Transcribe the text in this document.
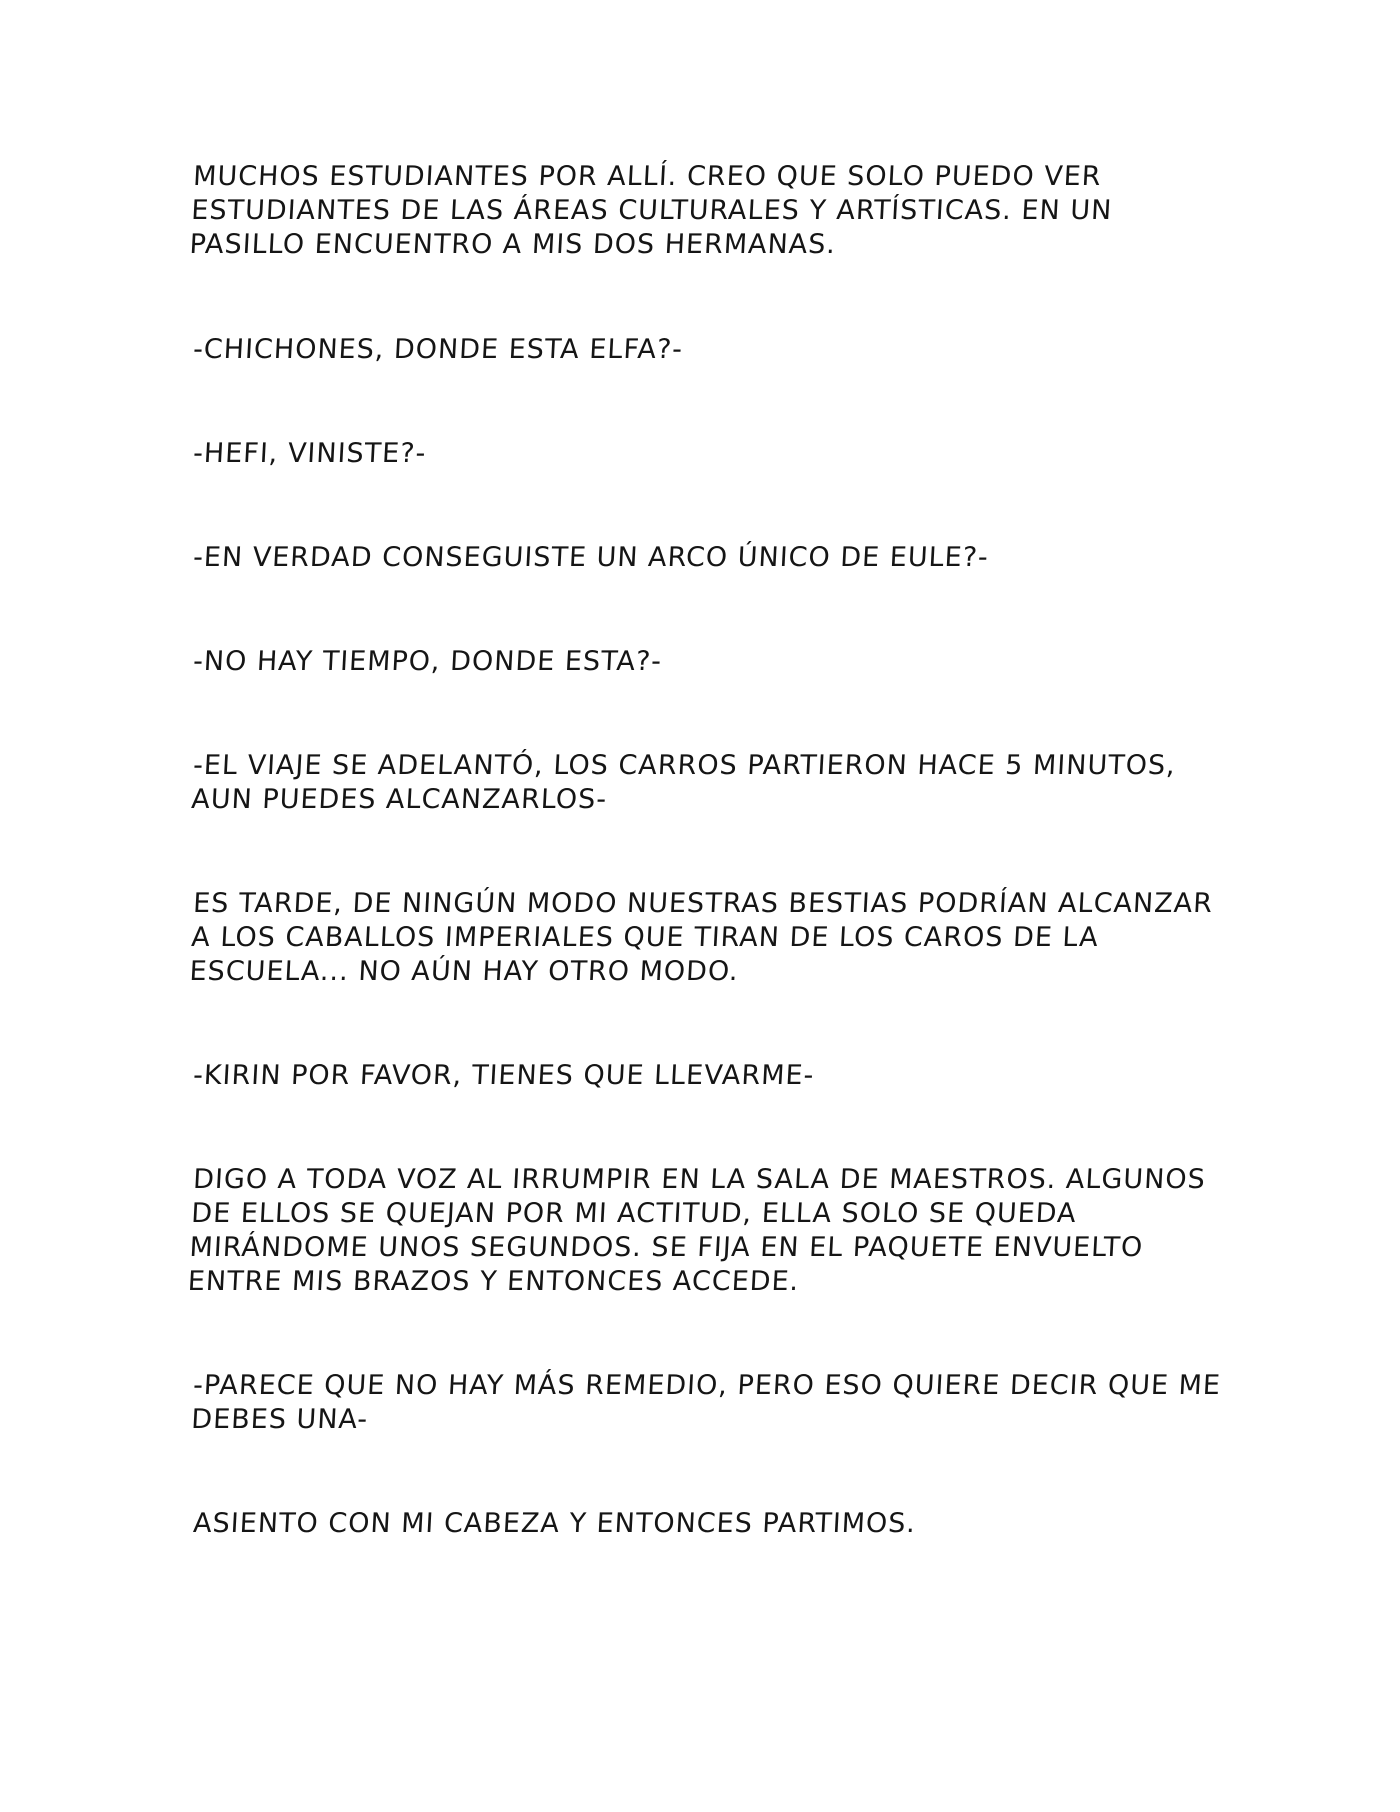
MUCHOS ESTUDIANTES POR ALLÍ. CREO QUE SOLO PUEDO VER ESTUDIANTES DE LAS ÁREAS CULTURALES Y ARTÍSTICAS. EN UN PASILLO ENCUENTRO A MIS DOS HERMANAS.

-CHICHONES, DONDE ESTA ELFA?-

-HEFI, VINISTE?-

-EN VERDAD CONSEGUISTE UN ARCO ÚNICO DE EULE?-

-NO HAY TIEMPO, DONDE ESTA?-

-EL VIAJE SE ADELANTÓ, LOS CARROS PARTIERON HACE 5 MINUTOS, AUN PUEDES ALCANZARLOS-

ES TARDE, DE NINGÚN MODO NUESTRAS BESTIAS PODRÍAN ALCANZAR A LOS CABALLOS IMPERIALES QUE TIRAN DE LOS CAROS DE LA ESCUELA... NO AÚN HAY OTRO MODO.

-KIRIN POR FAVOR, TIENES QUE LLEVARME-

DIGO A TODA VOZ AL IRRUMPIR EN LA SALA DE MAESTROS. ALGUNOS DE ELLOS SE QUEJAN POR MI ACTITUD, ELLA SOLO SE QUEDA MIRÁNDOME UNOS SEGUNDOS. SE FIJA EN EL PAQUETE ENVUELTO ENTRE MIS BRAZOS Y ENTONCES ACCEDE.

-PARECE QUE NO HAY MÁS REMEDIO, PERO ESO QUIERE DECIR QUE ME DEBES UNA-

ASIENTO CON MI CABEZA Y ENTONCES PARTIMOS.
